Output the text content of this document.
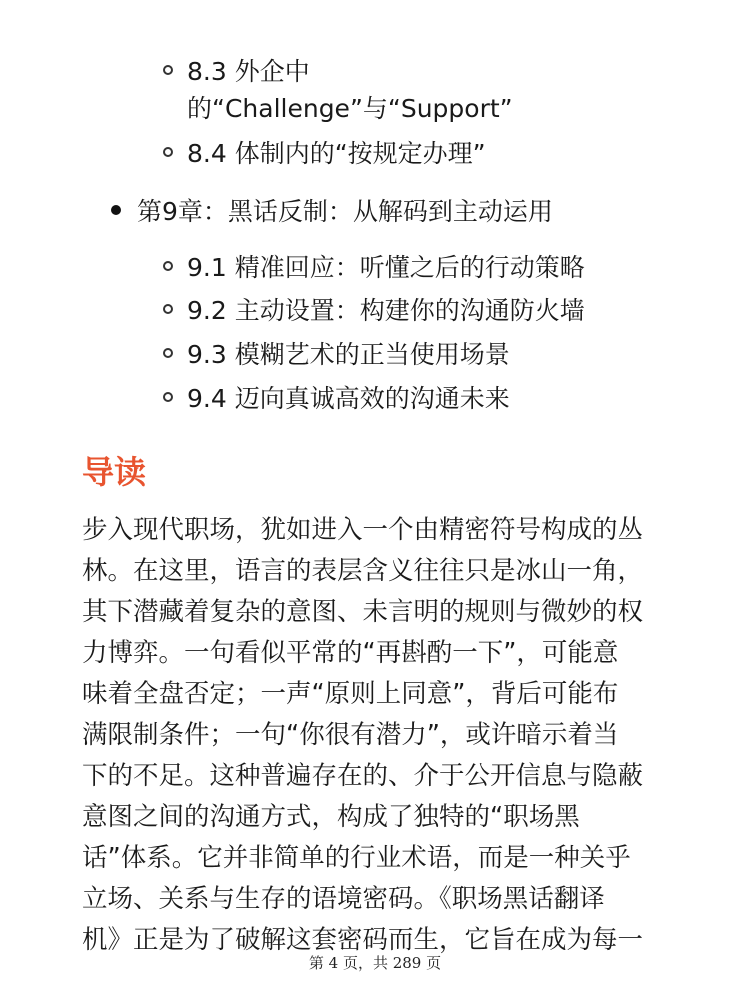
8.3 外企中
的“Challenge”与“Support”
8.4 体制内的“按规定办理”
第9章：黑话反制：从解码到主动运用
9.1 精准回应：听懂之后的行动策略
9.2 主动设置：构建你的沟通防火墙
9.3 模糊艺术的正当使用场景
9.4 迈向真诚高效的沟通未来
导读
步入现代职场，犹如进入一个由精密符号构成的丛
林。在这里，语言的表层含义往往只是冰山一角，
其下潜藏着复杂的意图、未言明的规则与微妙的权
力博弈。一句看似平常的“再斟酌一下”，可能意
味着全盘否定；一声“原则上同意”，背后可能布
满限制条件；一句“你很有潜力”，或许暗示着当
下的不足。这种普遍存在的、介于公开信息与隐蔽
意图之间的沟通方式，构成了独特的“职场黑
话”体系。它并非简单的行业术语，而是一种关乎
立场、关系与生存的语境密码。《职场黑话翻译
机》正是为了破解这套密码而生，它旨在成为每一
第 4 页，共 289 页
